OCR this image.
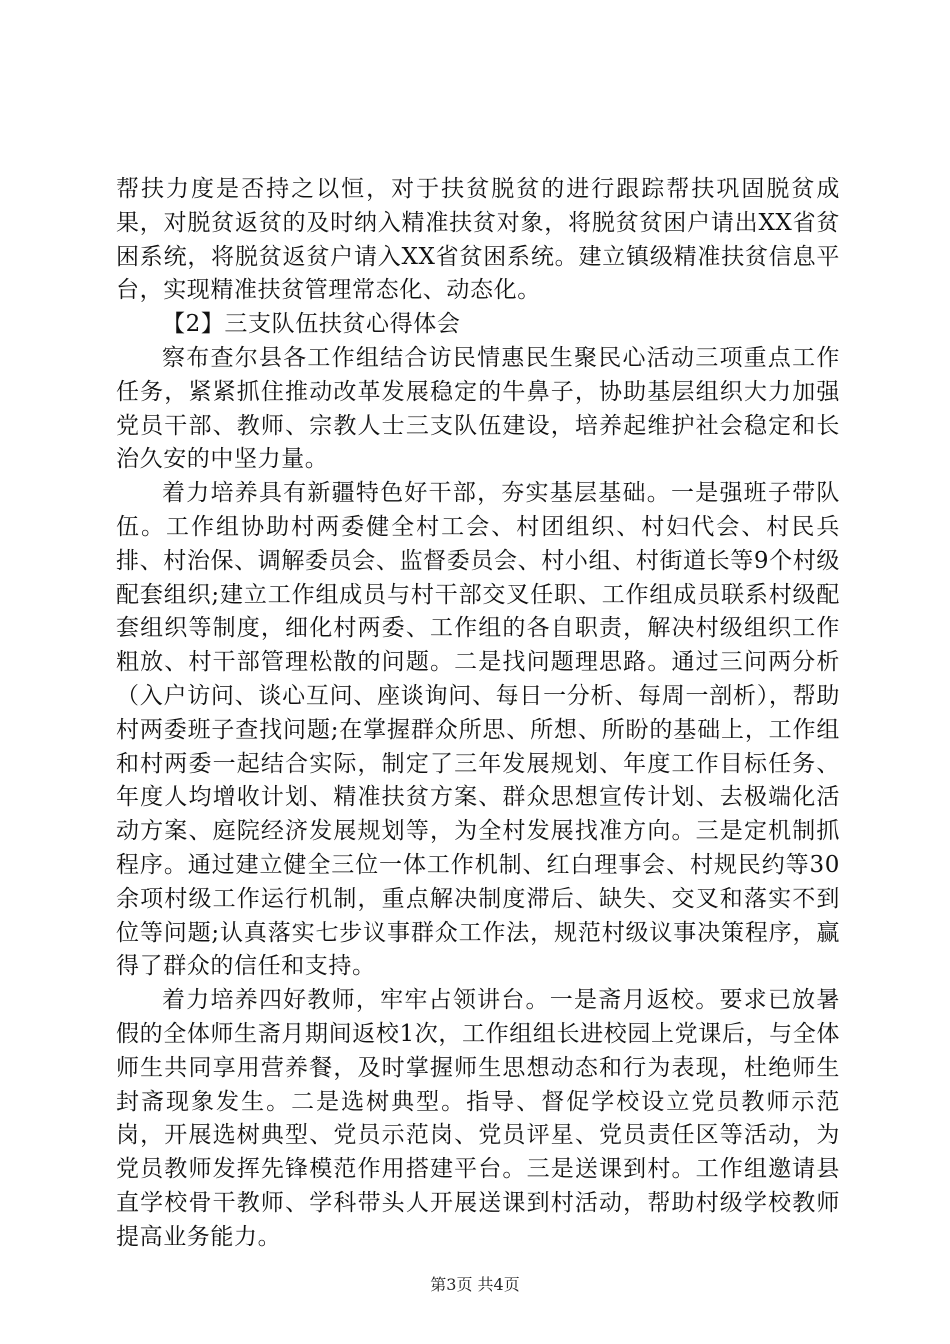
帮扶力度是否持之以恒，对于扶贫脱贫的进行跟踪帮扶巩固脱贫成果，对脱贫返贫的及时纳入精准扶贫对象，将脱贫贫困户请出XX省贫困系统，将脱贫返贫户请入XX省贫困系统。建立镇级精准扶贫信息平台，实现精准扶贫管理常态化、动态化。

【2】三支队伍扶贫心得体会

察布查尔县各工作组结合访民情惠民生聚民心活动三项重点工作任务，紧紧抓住推动改革发展稳定的牛鼻子，协助基层组织大力加强党员干部、教师、宗教人士三支队伍建设，培养起维护社会稳定和长治久安的中坚力量。

着力培养具有新疆特色好干部，夯实基层基础。一是强班子带队伍。工作组协助村两委健全村工会、村团组织、村妇代会、村民兵排、村治保、调解委员会、监督委员会、村小组、村街道长等9个村级配套组织;建立工作组成员与村干部交叉任职、工作组成员联系村级配套组织等制度，细化村两委、工作组的各自职责，解决村级组织工作粗放、村干部管理松散的问题。二是找问题理思路。通过三问两分析（入户访问、谈心互问、座谈询问、每日一分析、每周一剖析），帮助村两委班子查找问题;在掌握群众所思、所想、所盼的基础上，工作组和村两委一起结合实际，制定了三年发展规划、年度工作目标任务、年度人均增收计划、精准扶贫方案、群众思想宣传计划、去极端化活动方案、庭院经济发展规划等，为全村发展找准方向。三是定机制抓程序。通过建立健全三位一体工作机制、红白理事会、村规民约等30余项村级工作运行机制，重点解决制度滞后、缺失、交叉和落实不到位等问题;认真落实七步议事群众工作法，规范村级议事决策程序，赢得了群众的信任和支持。

着力培养四好教师，牢牢占领讲台。一是斋月返校。要求已放暑假的全体师生斋月期间返校1次，工作组组长进校园上党课后，与全体师生共同享用营养餐，及时掌握师生思想动态和行为表现，杜绝师生封斋现象发生。二是选树典型。指导、督促学校设立党员教师示范岗，开展选树典型、党员示范岗、党员评星、党员责任区等活动，为党员教师发挥先锋模范作用搭建平台。三是送课到村。工作组邀请县直学校骨干教师、学科带头人开展送课到村活动，帮助村级学校教师提高业务能力。

第3页 共4页
